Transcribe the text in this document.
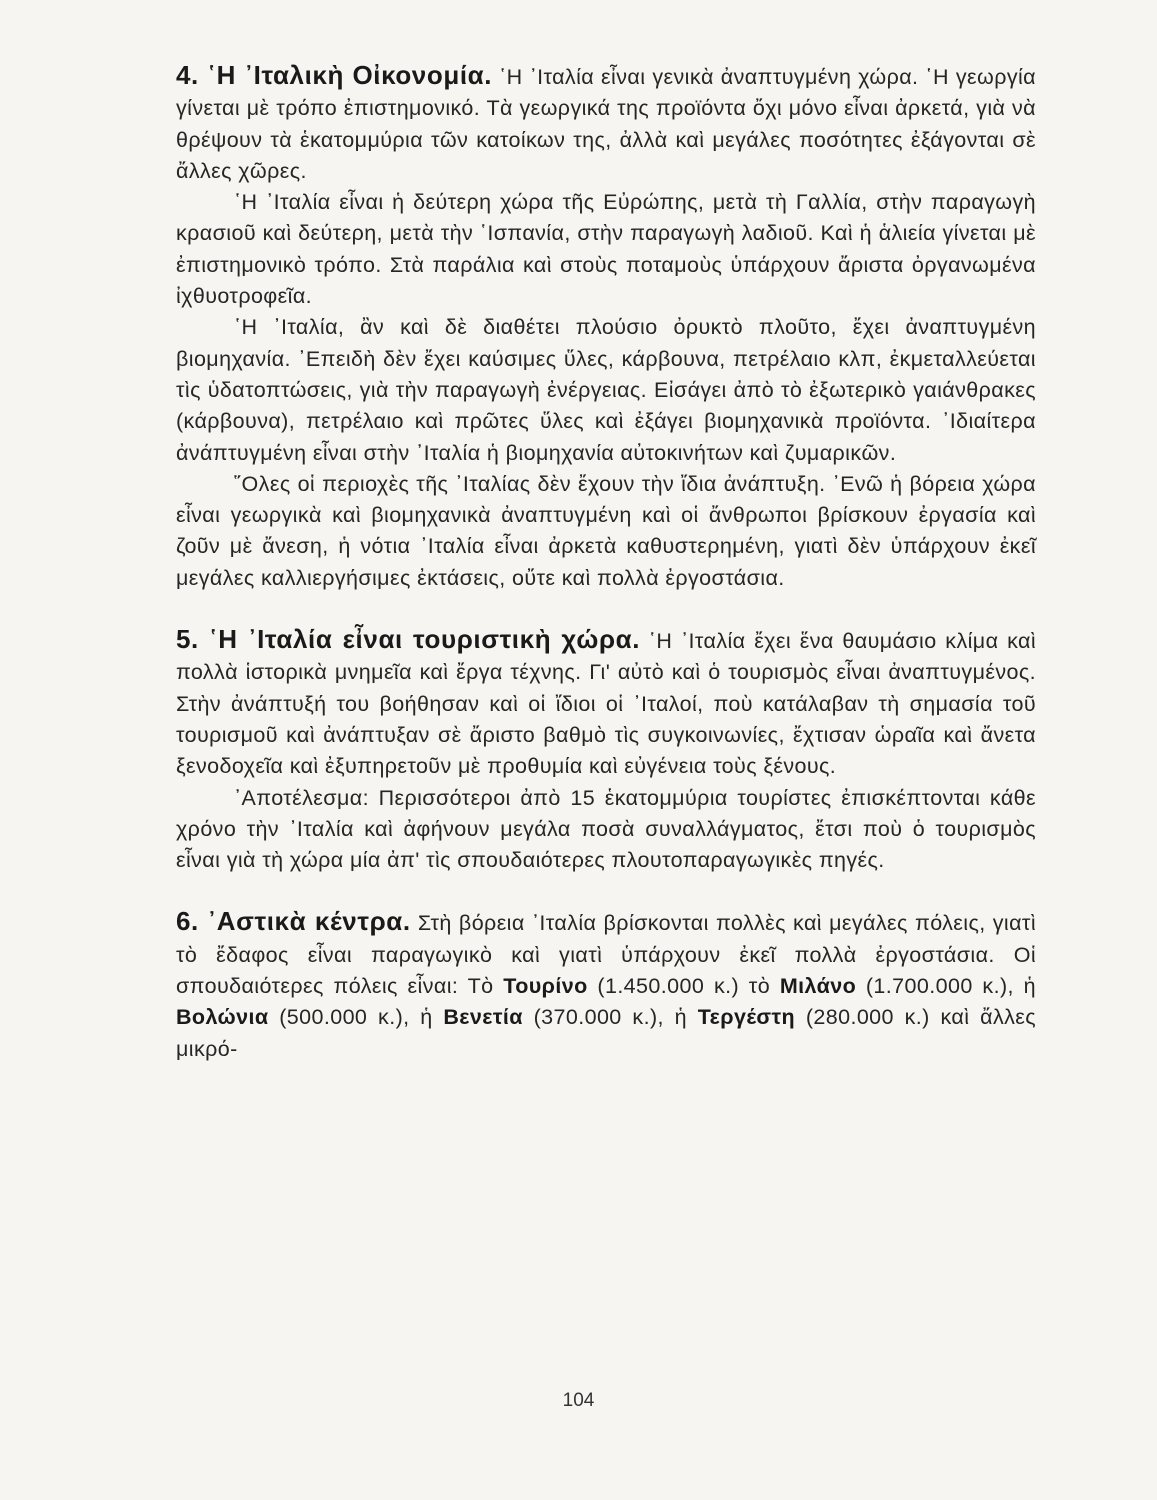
4. ῾Η ᾿Ιταλικὴ Οἰκονομία. ῾Η ᾿Ιταλία εἶναι γενικὰ ἀναπτυγμένη χώρα. ῾Η γεωργία γίνεται μὲ τρόπο ἐπιστημονικό. Τὰ γεωργικά της προϊόντα ὄχι μόνο εἶναι ἀρκετά, γιὰ νὰ θρέψουν τὰ ἑκατομμύρια τῶν κατοίκων της, ἀλλὰ καὶ μεγάλες ποσότητες ἐξάγονται σὲ ἄλλες χῶρες.

῾Η ᾿Ιταλία εἶναι ἡ δεύτερη χώρα τῆς Εὐρώπης, μετὰ τὴ Γαλλία, στὴν παραγωγὴ κρασιοῦ καὶ δεύτερη, μετὰ τὴν ῾Ισπανία, στὴν παραγωγὴ λαδιοῦ. Καὶ ἡ ἁλιεία γίνεται μὲ ἐπιστημονικὸ τρόπο. Στὰ παράλια καὶ στοὺς ποταμοὺς ὑπάρχουν ἄριστα ὀργανωμένα ἰχθυοτροφεῖα.

῾Η ᾿Ιταλία, ἂν καὶ δὲ διαθέτει πλούσιο ὀρυκτὸ πλοῦτο, ἔχει ἀναπτυγμένη βιομηχανία. ᾿Επειδὴ δὲν ἔχει καύσιμες ὕλες, κάρβουνα, πετρέλαιο κλπ, ἐκμεταλλεύεται τὶς ὑδατοπτώσεις, γιὰ τὴν παραγωγὴ ἐνέργειας. Εἰσάγει ἀπὸ τὸ ἐξωτερικὸ γαιάνθρακες (κάρβουνα), πετρέλαιο καὶ πρῶτες ὕλες καὶ ἐξάγει βιομηχανικὰ προϊόντα. ᾿Ιδιαίτερα ἀνάπτυγμένη εἶναι στὴν ᾿Ιταλία ἡ βιομηχανία αὐτοκινήτων καὶ ζυμαρικῶν.

῞Ολες οἱ περιοχὲς τῆς ᾿Ιταλίας δὲν ἔχουν τὴν ἴδια ἀνάπτυξη. ᾿Ενῶ ἡ βόρεια χώρα εἶναι γεωργικὰ καὶ βιομηχανικὰ ἀναπτυγμένη καὶ οἱ ἄνθρωποι βρίσκουν ἐργασία καὶ ζοῦν μὲ ἄνεση, ἡ νότια ᾿Ιταλία εἶναι ἀρκετὰ καθυστερημένη, γιατὶ δὲν ὑπάρχουν ἐκεῖ μεγάλες καλλιεργήσιμες ἐκτάσεις, οὔτε καὶ πολλὰ ἐργοστάσια.

5. ῾Η ᾿Ιταλία εἶναι τουριστικὴ χώρα. ῾Η ᾿Ιταλία ἔχει ἕνα θαυμάσιο κλίμα καὶ πολλὰ ἱστορικὰ μνημεῖα καὶ ἔργα τέχνης. Γι' αὐτὸ καὶ ὁ τουρισμὸς εἶναι ἀναπτυγμένος. Στὴν ἀνάπτυξή του βοήθησαν καὶ οἱ ἴδιοι οἱ ᾿Ιταλοί, ποὺ κατάλαβαν τὴ σημασία τοῦ τουρισμοῦ καὶ ἀνάπτυξαν σὲ ἄριστο βαθμὸ τὶς συγκοινωνίες, ἔχτισαν ὡραῖα καὶ ἄνετα ξενοδοχεῖα καὶ ἐξυπηρετοῦν μὲ προθυμία καὶ εὐγένεια τοὺς ξένους.

᾿Αποτέλεσμα: Περισσότεροι ἀπὸ 15 ἑκατομμύρια τουρίστες ἐπισκέπτονται κάθε χρόνο τὴν ᾿Ιταλία καὶ ἀφήνουν μεγάλα ποσὰ συναλλάγματος, ἔτσι ποὺ ὁ τουρισμὸς εἶναι γιὰ τὴ χώρα μία ἀπ' τὶς σπουδαιότερες πλουτοπαραγωγικὲς πηγές.

6. ᾿Αστικὰ κέντρα. Στὴ βόρεια ᾿Ιταλία βρίσκονται πολλὲς καὶ μεγάλες πόλεις, γιατὶ τὸ ἔδαφος εἶναι παραγωγικὸ καὶ γιατὶ ὑπάρχουν ἐκεῖ πολλὰ ἐργοστάσια. Οἱ σπουδαιότερες πόλεις εἶναι: Τὸ Τουρίνο (1.450.000 κ.) τὸ Μιλάνο (1.700.000 κ.), ἡ Βολώνια (500.000 κ.), ἡ Βενετία (370.000 κ.), ἡ Τεργέστη (280.000 κ.) καὶ ἄλλες μικρό-

104
